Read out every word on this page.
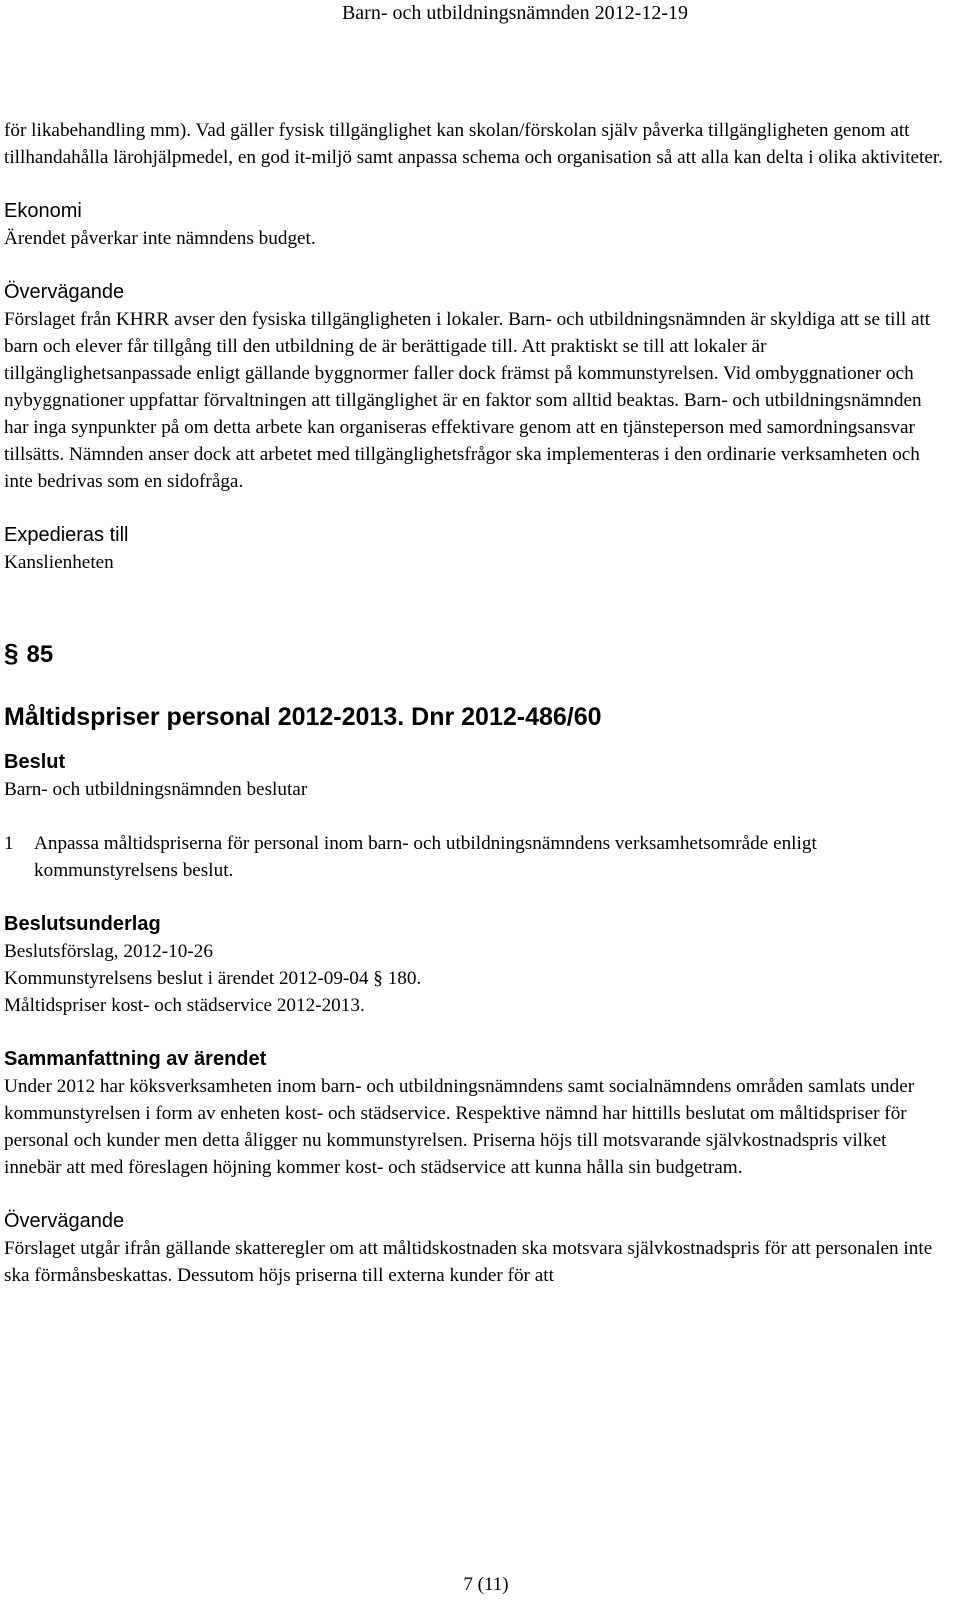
Barn- och utbildningsnämnden 2012-12-19

för likabehandling mm). Vad gäller fysisk tillgänglighet kan skolan/förskolan själv påverka tillgängligheten genom att tillhandahålla lärohjälpmedel, en god it-miljö samt anpassa schema och organisation så att alla kan delta i olika aktiviteter.

Ekonomi

Ärendet påverkar inte nämndens budget.

Övervägande

Förslaget från KHRR avser den fysiska tillgängligheten i lokaler. Barn- och utbildningsnämnden är skyldiga att se till att barn och elever får tillgång till den utbildning de är berättigade till. Att praktiskt se till att lokaler är tillgänglighetsanpassade enligt gällande byggnormer faller dock främst på kommunstyrelsen. Vid ombyggnationer och nybyggnationer uppfattar förvaltningen att tillgänglighet är en faktor som alltid beaktas. Barn- och utbildningsnämnden har inga synpunkter på om detta arbete kan organiseras effektivare genom att en tjänsteperson med samordningsansvar tillsätts. Nämnden anser dock att arbetet med tillgänglighetsfrågor ska implementeras i den ordinarie verksamheten och inte bedrivas som en sidofråga.

Expedieras till

Kanslienheten

§ 85
Måltidspriser personal 2012-2013. Dnr 2012-486/60
Beslut

Barn- och utbildningsnämnden beslutar

1	Anpassa måltidspriserna för personal inom barn- och utbildningsnämndens verksamhetsområde enligt kommunstyrelsens beslut.
Beslutsunderlag

Beslutsförslag, 2012-10-26

Kommunstyrelsens beslut i ärendet 2012-09-04 § 180.

Måltidspriser kost- och städservice 2012-2013.

Sammanfattning av ärendet

Under 2012 har köksverksamheten inom barn- och utbildningsnämndens samt socialnämndens områden samlats under kommunstyrelsen i form av enheten kost- och städservice. Respektive nämnd har hittills beslutat om måltidspriser för personal och kunder men detta åligger nu kommunstyrelsen. Priserna höjs till motsvarande självkostnadspris vilket innebär att med föreslagen höjning kommer kost- och städservice att kunna hålla sin budgetram.

Övervägande

Förslaget utgår ifrån gällande skatteregler om att måltidskostnaden ska motsvara självkostnadspris för att personalen inte ska förmånsbeskattas. Dessutom höjs priserna till externa kunder för att

7 (11)
